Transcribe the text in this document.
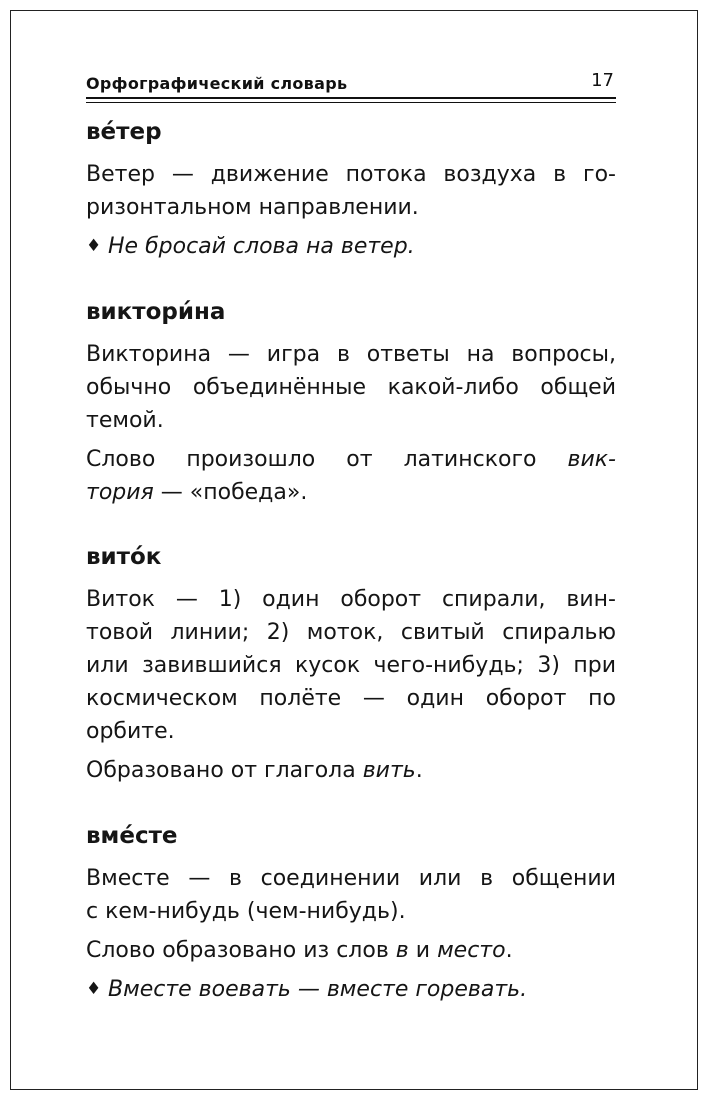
Орфографический словарь	17
ве́тер
Ветер — движение потока воздуха в го-
ризонтальном направлении.
♦ Не бросай слова на ветер.
виктори́на
Викторина — игра в ответы на вопросы,
обычно объединённые какой-либо общей
темой.
Слово произошло от латинского вик-
тория — «победа».
вито́к
Виток — 1) один оборот спирали, вин-
товой линии; 2) моток, свитый спиралью
или завившийся кусок чего-нибудь; 3) при
космическом полёте — один оборот по
орбите.
Образовано от глагола вить.
вме́сте
Вместе — в соединении или в общении
с кем-нибудь (чем-нибудь).
Слово образовано из слов в и место.
♦ Вместе воевать — вместе горевать.
